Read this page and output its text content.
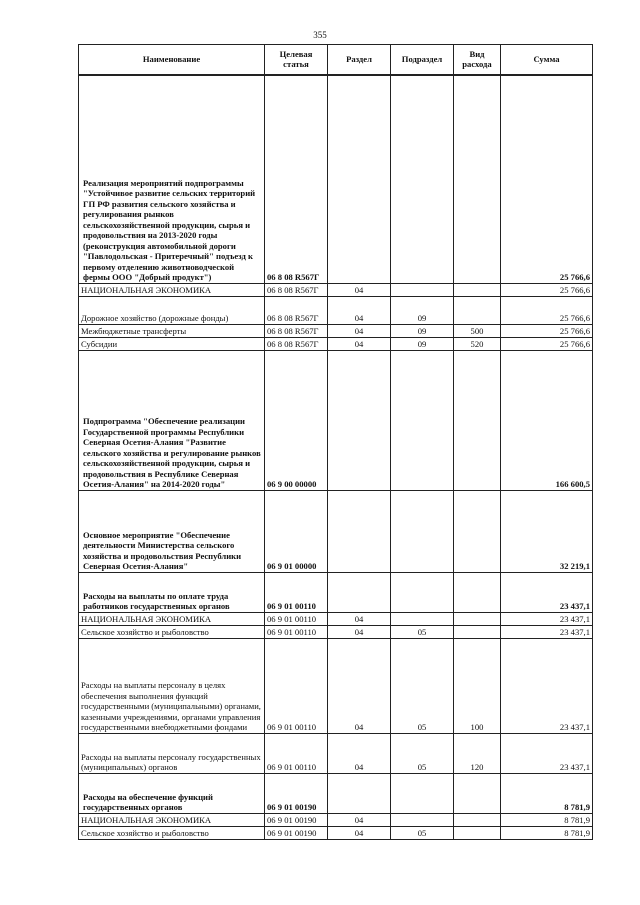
355
Наименование	Целевая статья	Раздел	Подраздел	Вид расхода	Сумма
Реализация мероприятий подпрограммы "Устойчивое развитие сельских территорий ГП РФ развития сельского хозяйства и регулирования рынков сельскохозяйственной продукции, сырья и продовольствия на 2013-2020 годы (реконструкция автомобильной дороги "Павлодольская - Притеречный" подъезд к первому отделению животноводческой фермы ООО "Добрый продукт")	06 8 08 R567Г				25 766,6
НАЦИОНАЛЬНАЯ ЭКОНОМИКА	06 8 08 R567Г	04			25 766,6
Дорожное хозяйство (дорожные фонды)	06 8 08 R567Г	04	09		25 766,6
Межбюджетные трансферты	06 8 08 R567Г	04	09	500	25 766,6
Субсидии	06 8 08 R567Г	04	09	520	25 766,6
Подпрограмма "Обеспечение реализации Государственной программы Республики Северная Осетия-Алания "Развитие сельского хозяйства и регулирование рынков сельскохозяйственной продукции, сырья и продовольствия в Республике Северная Осетия-Алания" на 2014-2020 годы"	06 9 00 00000				166 600,5
Основное мероприятие "Обеспечение деятельности Министерства сельского хозяйства и продовольствия Республики Северная Осетия-Алания"	06 9 01 00000				32 219,1
Расходы на выплаты по оплате труда работников государственных органов	06 9 01 00110				23 437,1
НАЦИОНАЛЬНАЯ ЭКОНОМИКА	06 9 01 00110	04			23 437,1
Сельское хозяйство и рыболовство	06 9 01 00110	04	05		23 437,1
Расходы на выплаты персоналу в целях обеспечения выполнения функций государственными (муниципальными) органами, казенными учреждениями, органами управления государственными внебюджетными фондами	06 9 01 00110	04	05	100	23 437,1
Расходы на выплаты персоналу государственных (муниципальных) органов	06 9 01 00110	04	05	120	23 437,1
Расходы на обеспечение функций государственных органов	06 9 01 00190				8 781,9
НАЦИОНАЛЬНАЯ ЭКОНОМИКА	06 9 01 00190	04			8 781,9
Сельское хозяйство и рыболовство	06 9 01 00190	04	05		8 781,9
